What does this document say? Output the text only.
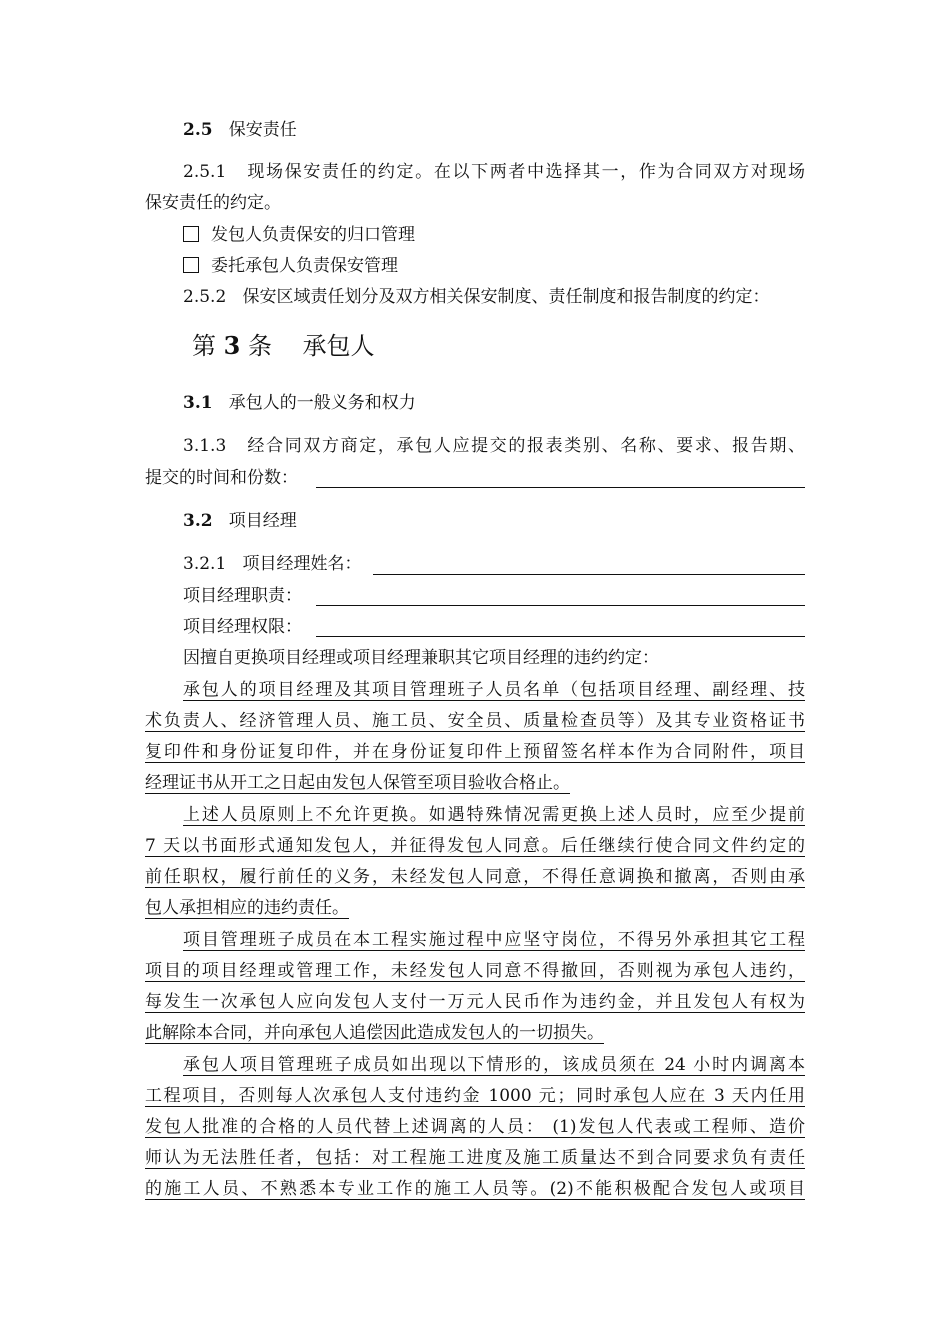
2.5 保安责任
2.5.1 现场保安责任的约定。在以下两者中选择其一，作为合同双方对现场
保安责任的约定。
发包人负责保安的归口管理
委托承包人负责保安管理
2.5.2 保安区域责任划分及双方相关保安制度、责任制度和报告制度的约定：
第 3 条 承包人
3.1 承包人的一般义务和权力
3.1.3 经合同双方商定，承包人应提交的报表类别、名称、要求、报告期、
提交的时间和份数：
3.2 项目经理
3.2.1 项目经理姓名：
项目经理职责：
项目经理权限：
因擅自更换项目经理或项目经理兼职其它项目经理的违约约定：
承包人的项目经理及其项目管理班子人员名单（包括项目经理、副经理、技
术负责人、经济管理人员、施工员、安全员、质量检查员等）及其专业资格证书
复印件和身份证复印件，并在身份证复印件上预留签名样本作为合同附件，项目
经理证书从开工之日起由发包人保管至项目验收合格止。
上述人员原则上不允许更换。如遇特殊情况需更换上述人员时，应至少提前
7 天以书面形式通知发包人，并征得发包人同意。后任继续行使合同文件约定的
前任职权，履行前任的义务，未经发包人同意，不得任意调换和撤离，否则由承
包人承担相应的违约责任。
项目管理班子成员在本工程实施过程中应坚守岗位，不得另外承担其它工程
项目的项目经理或管理工作，未经发包人同意不得撤回，否则视为承包人违约，
每发生一次承包人应向发包人支付一万元人民币作为违约金，并且发包人有权为
此解除本合同，并向承包人追偿因此造成发包人的一切损失。
承包人项目管理班子成员如出现以下情形的，该成员须在 24 小时内调离本
工程项目，否则每人次承包人支付违约金 1000 元；同时承包人应在 3 天内任用
发包人批准的合格的人员代替上述调离的人员： (1)发包人代表或工程师、造价
师认为无法胜任者，包括：对工程施工进度及施工质量达不到合同要求负有责任
的施工人员、不熟悉本专业工作的施工人员等。(2)不能积极配合发包人或项目
